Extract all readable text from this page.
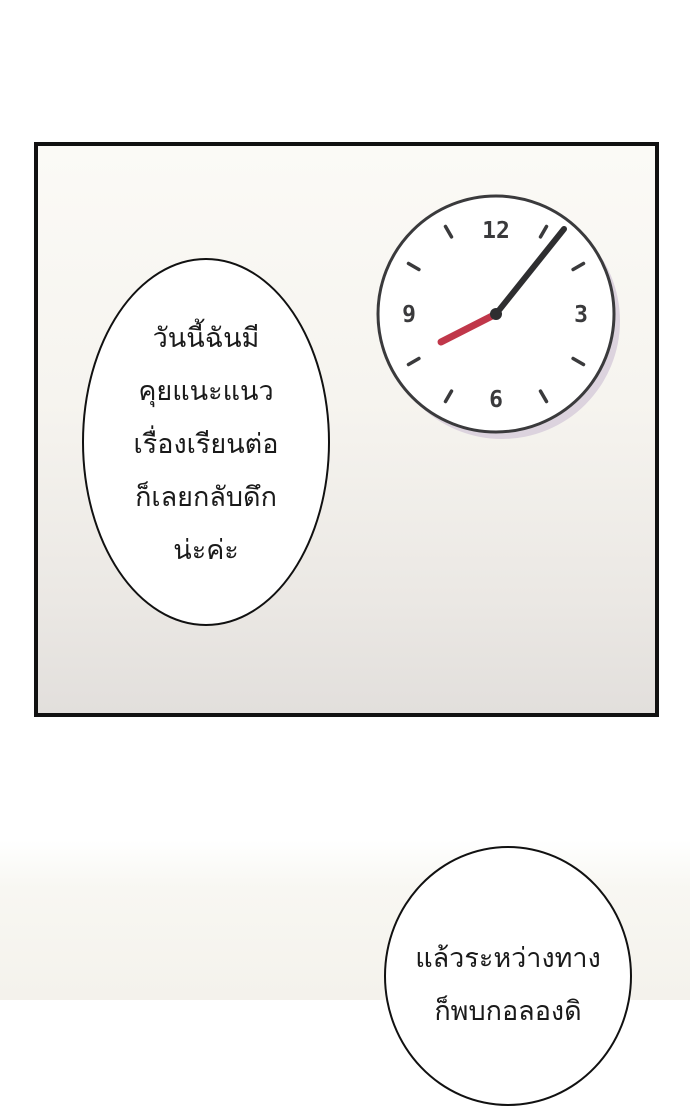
12
3
6
9
วันนี้ฉันมี
คุยแนะแนว
เรื่องเรียนต่อ
ก็เลยกลับดึก
น่ะค่ะ
แล้วระหว่างทาง
ก็พบกอลองดิ
